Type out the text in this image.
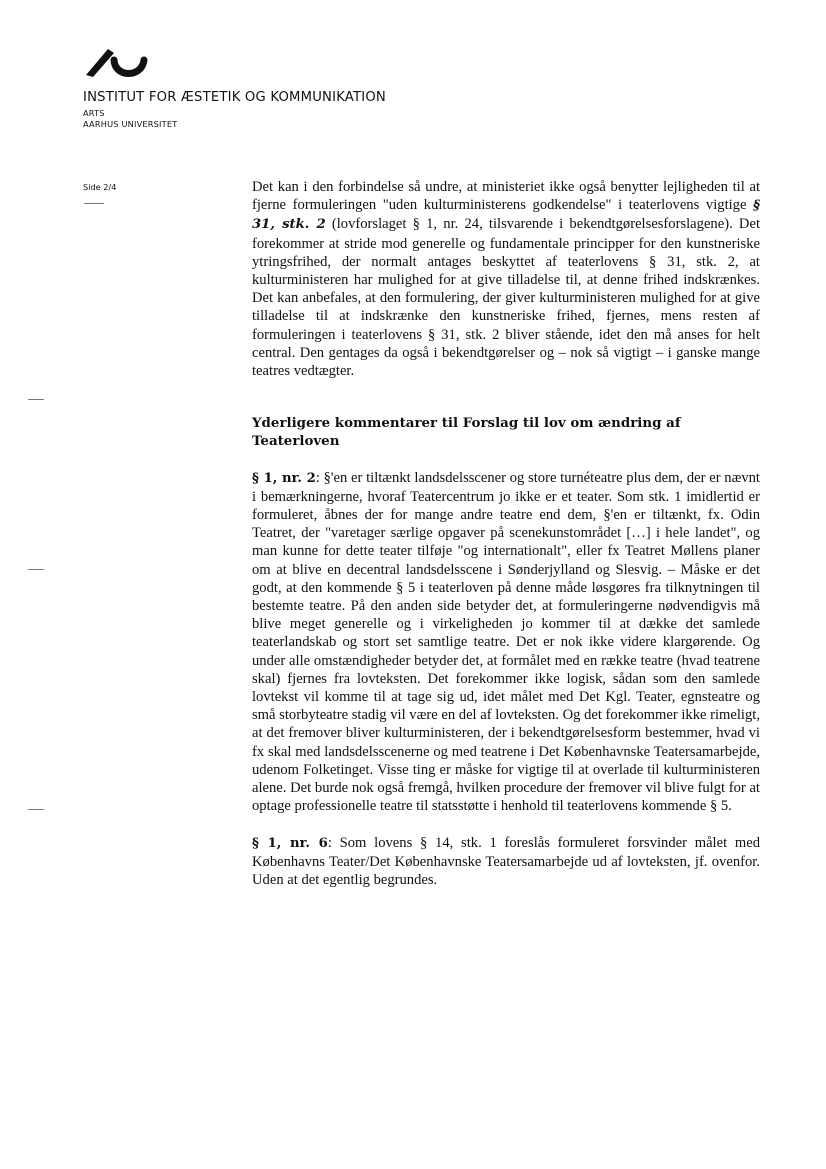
INSTITUT FOR ÆSTETIK OG KOMMUNIKATION
ARTS
AARHUS UNIVERSITET
Side 2/4	Det kan i den forbindelse så undre, at ministeriet ikke også benytter lejligheden til at fjerne formuleringen "uden kulturministerens godkendelse" i teaterlovens vigtige § 31, stk. 2 (lovforslaget § 1, nr. 24, tilsvarende i bekendtgørelsesforslagene). Det forekommer at stride mod generelle og fundamentale principper for den kunstneriske ytringsfrihed, der normalt antages beskyttet af teaterlovens § 31, stk. 2, at kulturministeren har mulighed for at give tilladelse til, at denne frihed indskrænkes. Det kan anbefales, at den formulering, der giver kulturministeren mulighed for at give tilladelse til at indskrænke den kunstneriske frihed, fjernes, mens resten af formuleringen i teaterlovens § 31, stk. 2 bliver stående, idet den må anses for helt central. Den gentages da også i bekendtgørelser og – nok så vigtigt – i ganske mange teatres vedtægter.

Yderligere kommentarer til Forslag til lov om ændring af Teaterloven

§ 1, nr. 2: §'en er tiltænkt landsdelsscener og store turnéteatre plus dem, der er nævnt i bemærkningerne, hvoraf Teatercentrum jo ikke er et teater. Som stk. 1 imidlertid er formuleret, åbnes der for mange andre teatre end dem, §'en er tiltænkt, fx. Odin Teatret, der "varetager særlige opgaver på scenekunstområdet […] i hele landet", og man kunne for dette teater tilføje "og internationalt", eller fx Teatret Møllens planer om at blive en decentral landsdelsscene i Sønderjylland og Slesvig. – Måske er det godt, at den kommende § 5 i teaterloven på denne måde løsgøres fra tilknytningen til bestemte teatre. På den anden side betyder det, at formuleringerne nødvendigvis må blive meget generelle og i virkeligheden jo kommer til at dække det samlede teaterlandskab og stort set samtlige teatre. Det er nok ikke videre klargørende. Og under alle omstændigheder betyder det, at formålet med en række teatre (hvad teatrene skal) fjernes fra lovteksten. Det forekommer ikke logisk, sådan som den samlede lovtekst vil komme til at tage sig ud, idet målet med Det Kgl. Teater, egnsteatre og små storbyteatre stadig vil være en del af lovteksten. Og det forekommer ikke rimeligt, at det fremover bliver kulturministeren, der i bekendtgørelsesform bestemmer, hvad vi fx skal med landsdelsscenerne og med teatrene i Det Københavnske Teatersamarbejde, udenom Folketinget. Visse ting er måske for vigtige til at overlade til kulturministeren alene. Det burde nok også fremgå, hvilken procedure der fremover vil blive fulgt for at optage professionelle teatre til statsstøtte i henhold til teaterlovens kommende § 5.

§ 1, nr. 6: Som lovens § 14, stk. 1 foreslås formuleret forsvinder målet med Københavns Teater/Det Københavnske Teatersamarbejde ud af lovteksten, jf. ovenfor. Uden at det egentlig begrundes.
